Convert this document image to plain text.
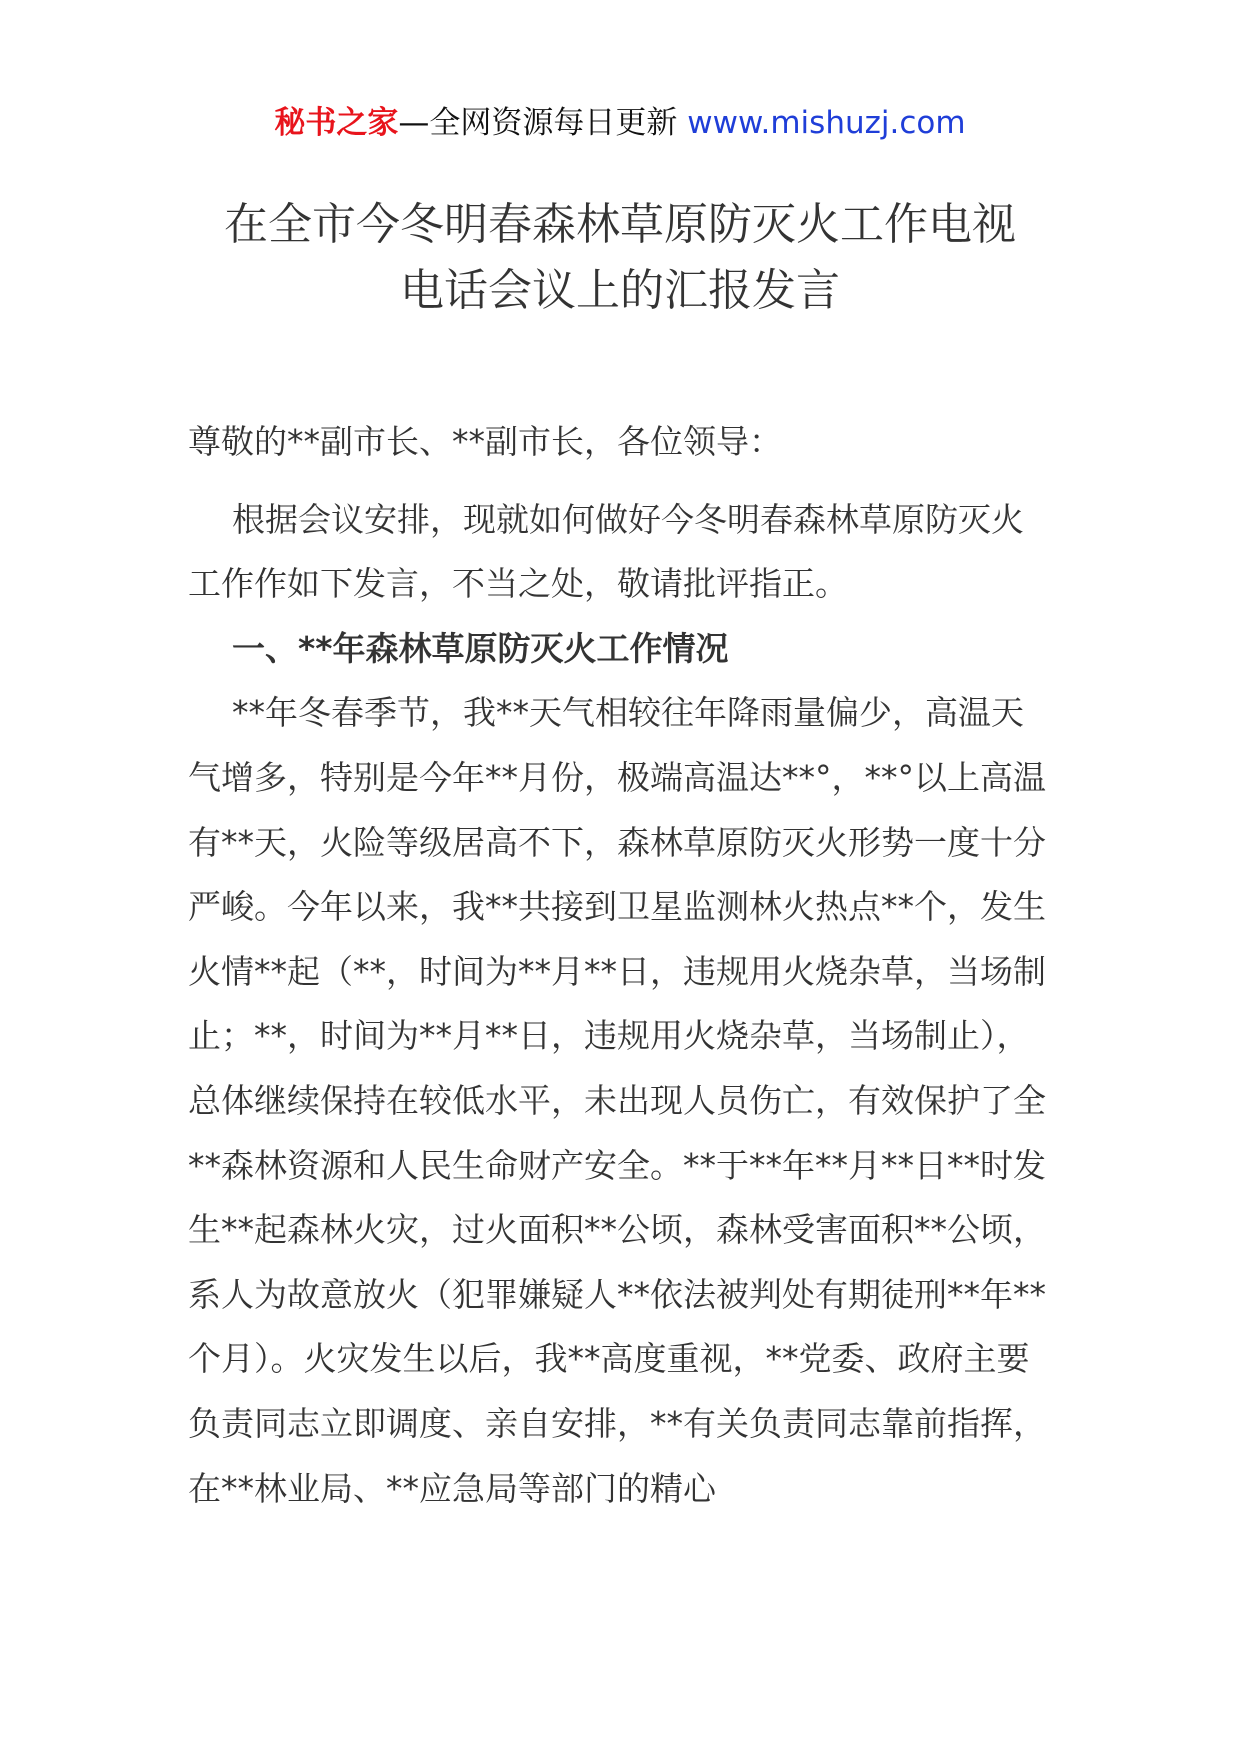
秘书之家—全网资源每日更新 www.mishuzj.com
在全市今冬明春森林草原防灭火工作电视
电话会议上的汇报发言

尊敬的**副市长、**副市长，各位领导：

根据会议安排，现就如何做好今冬明春森林草原防灭火工作作如下发言，不当之处，敬请批评指正。

一、**年森林草原防灭火工作情况

**年冬春季节，我**天气相较往年降雨量偏少，高温天气增多，特别是今年**月份，极端高温达**°，**°以上高温有**天，火险等级居高不下，森林草原防灭火形势一度十分严峻。今年以来，我**共接到卫星监测林火热点**个，发生火情**起（**，时间为**月**日，违规用火烧杂草，当场制止；**，时间为**月**日，违规用火烧杂草，当场制止），总体继续保持在较低水平，未出现人员伤亡，有效保护了全**森林资源和人民生命财产安全。**于**年**月**日**时发生**起森林火灾，过火面积**公顷，森林受害面积**公顷，系人为故意放火（犯罪嫌疑人**依法被判处有期徒刑**年**个月）。火灾发生以后，我**高度重视，**党委、政府主要负责同志立即调度、亲自安排，**有关负责同志靠前指挥，在**林业局、**应急局等部门的精心
